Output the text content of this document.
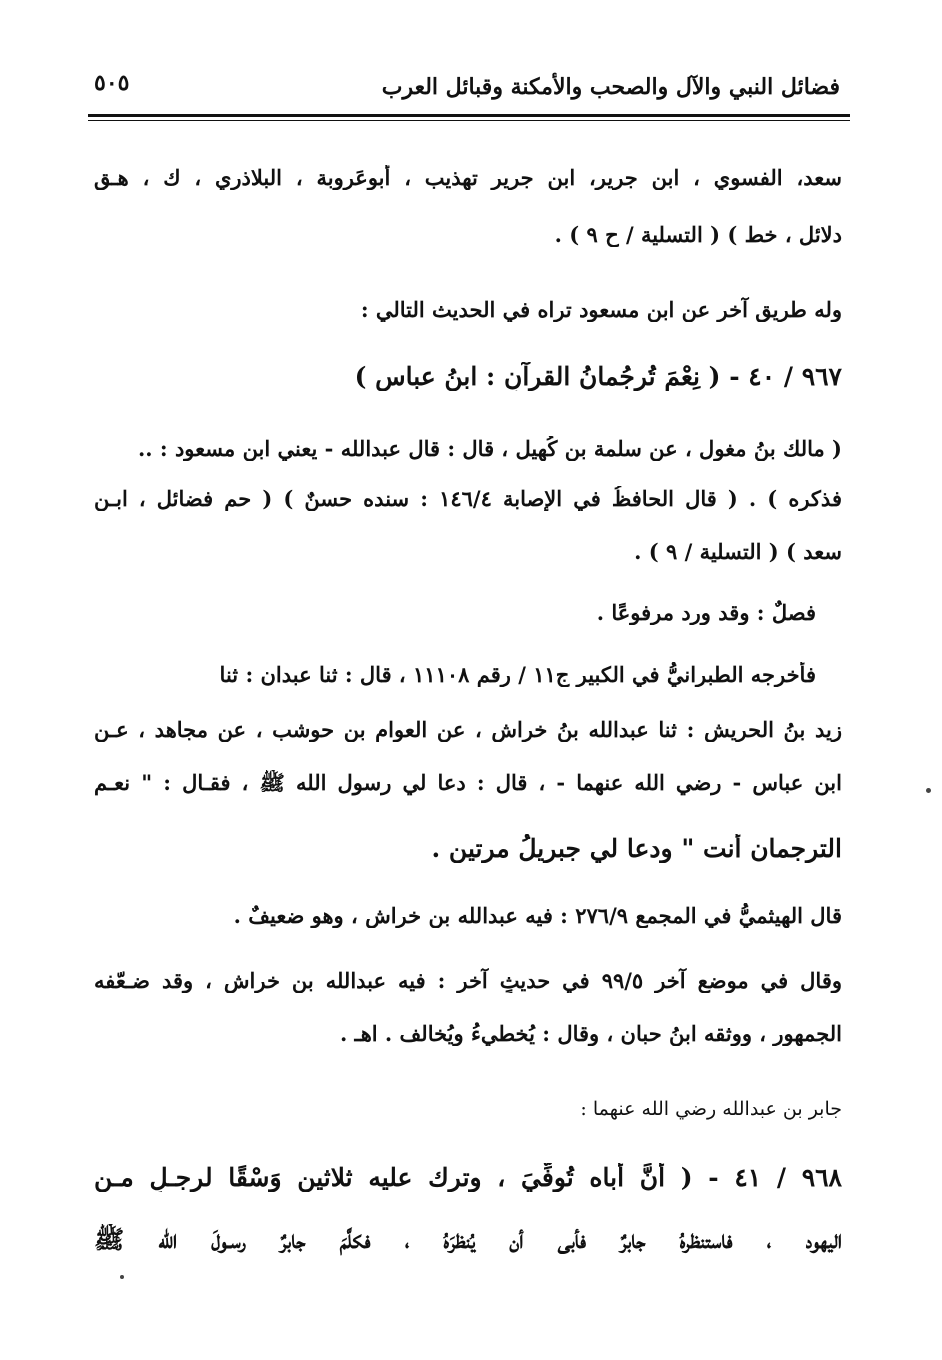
فضائل النبي والآل والصحب والأمكنة وقبائل العرب
٥٠٥
سعد، الفسوي ، ابن جرير، ابن جرير تهذيب ، أبوعَروبة ، البلاذري ، ك ، هـق
دلائل ، خط ) ( التسلية / ح ٩ ) .
وله طريق آخر عن ابن مسعود تراه في الحديث التالي :
٩٦٧ / ٤٠ - ( نِعْمَ تُرجُمانُ القرآنِ : ابنُ عباسٍ )
( مالك بنُ مغول ، عن سلمة بن كُهيل ، قال : قال عبدالله - يعني ابن مسعود : ..
فذكره ) . ( قال الحافظُ في الإصابة ١٤٦/٤ : سنده حسنٌ ) ( حم فضائل ، ابـن
سعد ) ( التسلية / ٩ ) .
فصلٌ : وقد ورد مرفوعًا .
فأخرجه الطبرانيُّ في الكبير ج١١ / رقم ١١١٠٨ ، قال : ثنا عبدان : ثنا
زيد بنُ الحريش : ثنا عبدالله بنُ خراش ، عن العوام بن حوشب ، عن مجاهد ، عـن
ابن عباس - رضي الله عنهما - ، قال : دعا لي رسول الله ﷺ ، فقـال : " نعـم
الترجمان أنت " ودعا لي جبريلُ مرتين .
قال الهيثميُّ في المجمع ٢٧٦/٩ : فيه عبدالله بن خراش ، وهو ضعيفٌ .
وقال في موضع آخر ٩٩/٥ في حديثٍ آخر : فيه عبدالله بن خراش ، وقد ضـعّفه
الجمهور ، ووثقه ابنُ حبان ، وقال : يُخطيءُ ويُخالف . اهـ .
جابر بن عبدالله رضي الله عنهما :
٩٦٨ / ٤١ - ( أنَّ أباه تُوفِّيَ ، وترك عليه ثلاثين وَسْقًا لرجـلٍ مـن
اليهود ، فاستنظرهُ جابرٌ فأبى أن يُنظرَهُ ، فكلَّمَ جابرٌ رسـولَ الله ﷺ
